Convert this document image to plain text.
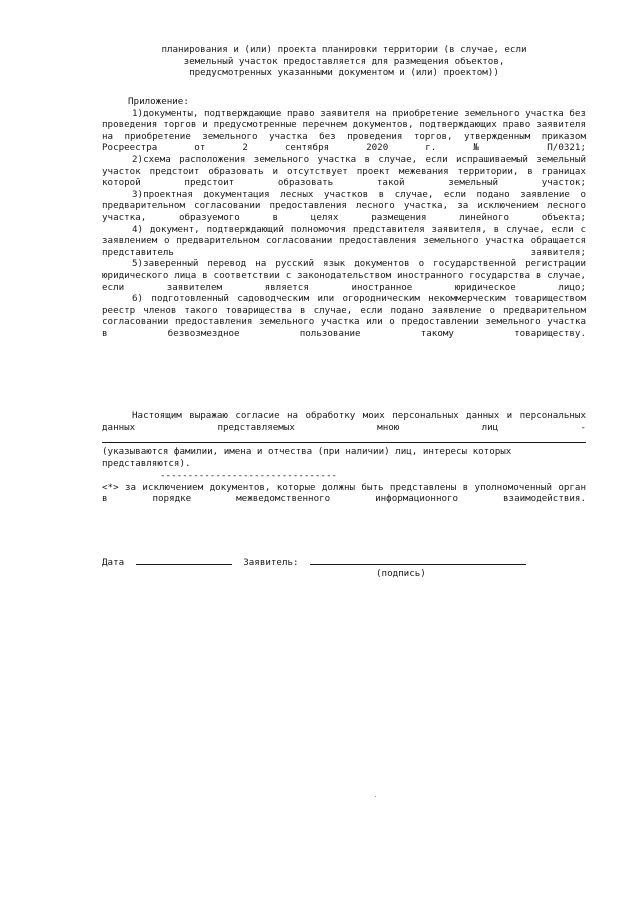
планирования и (или) проекта планировки территории (в случае, если
земельный участок предоставляется для размещения объектов,
предусмотренных указанными документом и (или) проектом))
Приложение:
1)документы, подтверждающие право заявителя на приобретение земельного участка без проведения торгов и предусмотренные перечнем документов, подтверждающих право заявителя на приобретение земельного участка без проведения торгов, утвержденным приказом Росреестра от 2 сентября 2020 г. № П/0321;
2)схема расположения земельного участка в случае, если испрашиваемый земельный участок предстоит образовать и отсутствует проект межевания территории, в границах которой предстоит образовать такой земельный участок;
3)проектная документация лесных участков в случае, если подано заявление о предварительном согласовании предоставления лесного участка, за исключением лесного участка, образуемого в целях размещения линейного объекта;
4) документ, подтверждающий полномочия представителя заявителя, в случае, если с заявлением о предварительном согласовании предоставления земельного участка обращается представитель заявителя;
5)заверенный перевод на русский язык документов о государственной регистрации юридического лица в соответствии с законодательством иностранного государства в случае, если заявителем является иностранное юридическое лицо;
6) подготовленный садоводческим или огородническим некоммерческим товариществом реестр членов такого товарищества в случае, если подано заявление о предварительном согласовании предоставления земельного участка или о предоставлении земельного участка в безвозмездное пользование такому товариществу.
Настоящим выражаю согласие на обработку моих персональных данных и персональных данных представляемых мною лиц -
(указываются фамилии, имена и отчества (при наличии) лиц, интересы которых представляются).
--------------------------------
<*> за исключением документов, которые должны быть представлены в уполномоченный орган в порядке межведомственного информационного взаимодействия.
Дата	Заявитель:
(подпись)
